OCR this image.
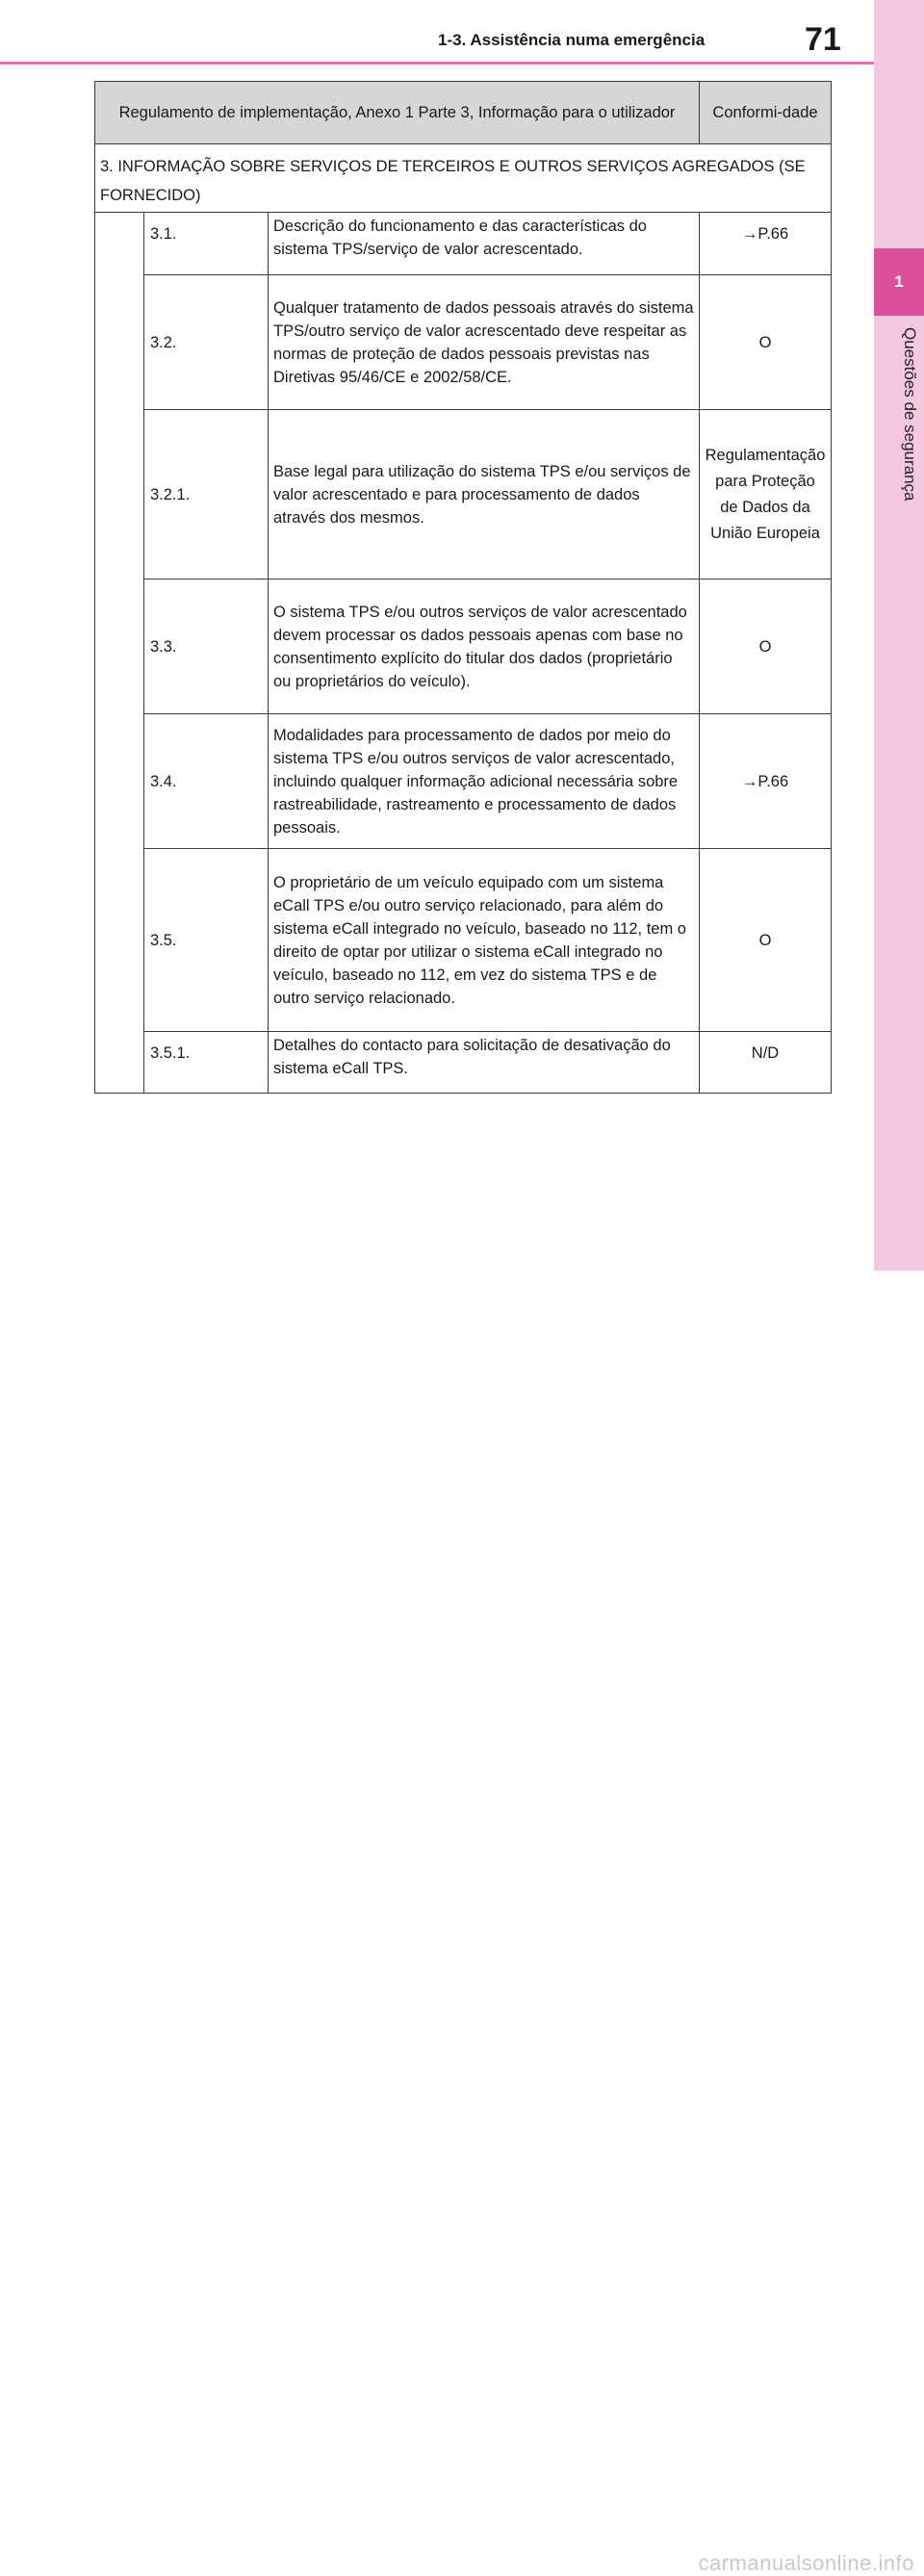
1-3. Assistência numa emergência	71
1
Questões de segurança
Regulamento de implementação, Anexo 1 Parte 3, Informação para o utilizador			Conformi-dade
3. INFORMAÇÃO SOBRE SERVIÇOS DE TERCEIROS E OUTROS SERVIÇOS AGREGADOS (SE FORNECIDO)			
	3.1.	Descrição do funcionamento e das características do sistema TPS/serviço de valor acrescentado.	→P.66
	3.2.	Qualquer tratamento de dados pessoais através do sistema TPS/outro serviço de valor acrescentado deve respeitar as normas de proteção de dados pessoais previstas nas Diretivas 95/46/CE e 2002/58/CE.	O
	3.2.1.	Base legal para utilização do sistema TPS e/ou serviços de valor acrescentado e para processamento de dados através dos mesmos.	Regulamentação para Proteção de Dados da União Europeia
	3.3.	O sistema TPS e/ou outros serviços de valor acrescentado devem processar os dados pessoais apenas com base no consentimento explícito do titular dos dados (proprietário ou proprietários do veículo).	O
	3.4.	Modalidades para processamento de dados por meio do sistema TPS e/ou outros serviços de valor acrescentado, incluindo qualquer informação adicional necessária sobre rastreabilidade, rastreamento e processamento de dados pessoais.	→P.66
	3.5.	O proprietário de um veículo equipado com um sistema eCall TPS e/ou outro serviço relacionado, para além do sistema eCall integrado no veículo, baseado no 112, tem o direito de optar por utilizar o sistema eCall integrado no veículo, baseado no 112, em vez do sistema TPS e de outro serviço relacionado.	O
	3.5.1.	Detalhes do contacto para solicitação de desativação do sistema eCall TPS.	N/D
carmanualsonline.info
